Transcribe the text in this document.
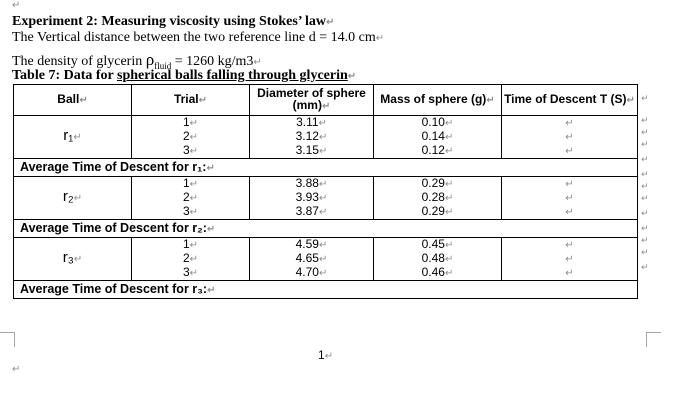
↵
Experiment 2: Measuring viscosity using Stokes’ law↵
The Vertical distance between the two reference line d = 14.0 cm↵
The density of glycerin $\rho_{fluid} = 1260$ kg/m3↵
Table 7: Data for spherical balls falling through glycerin↵
Ball↵	Trial↵	Diameter of sphere (mm)↵	Mass of sphere (g)↵	Time of Descent T (S)↵
r₁↵	1↵	3.11↵	0.10↵	↵
	2↵	3.12↵	0.14↵	↵
	3↵	3.15↵	0.12↵	↵
Average Time of Descent for r₁:↵				
r₂↵	1↵	3.88↵	0.29↵	↵
	2↵	3.93↵	0.28↵	↵
	3↵	3.87↵	0.29↵	↵
Average Time of Descent for r₂:↵				
r₃↵	1↵	4.59↵	0.45↵	↵
	2↵	4.65↵	0.48↵	↵
	3↵	4.70↵	0.46↵	↵
Average Time of Descent for r₃:↵				
↵
↵
↵
↵
↵
↵
↵
↵
↵
↵
↵
↵
↵
1↵
↵
